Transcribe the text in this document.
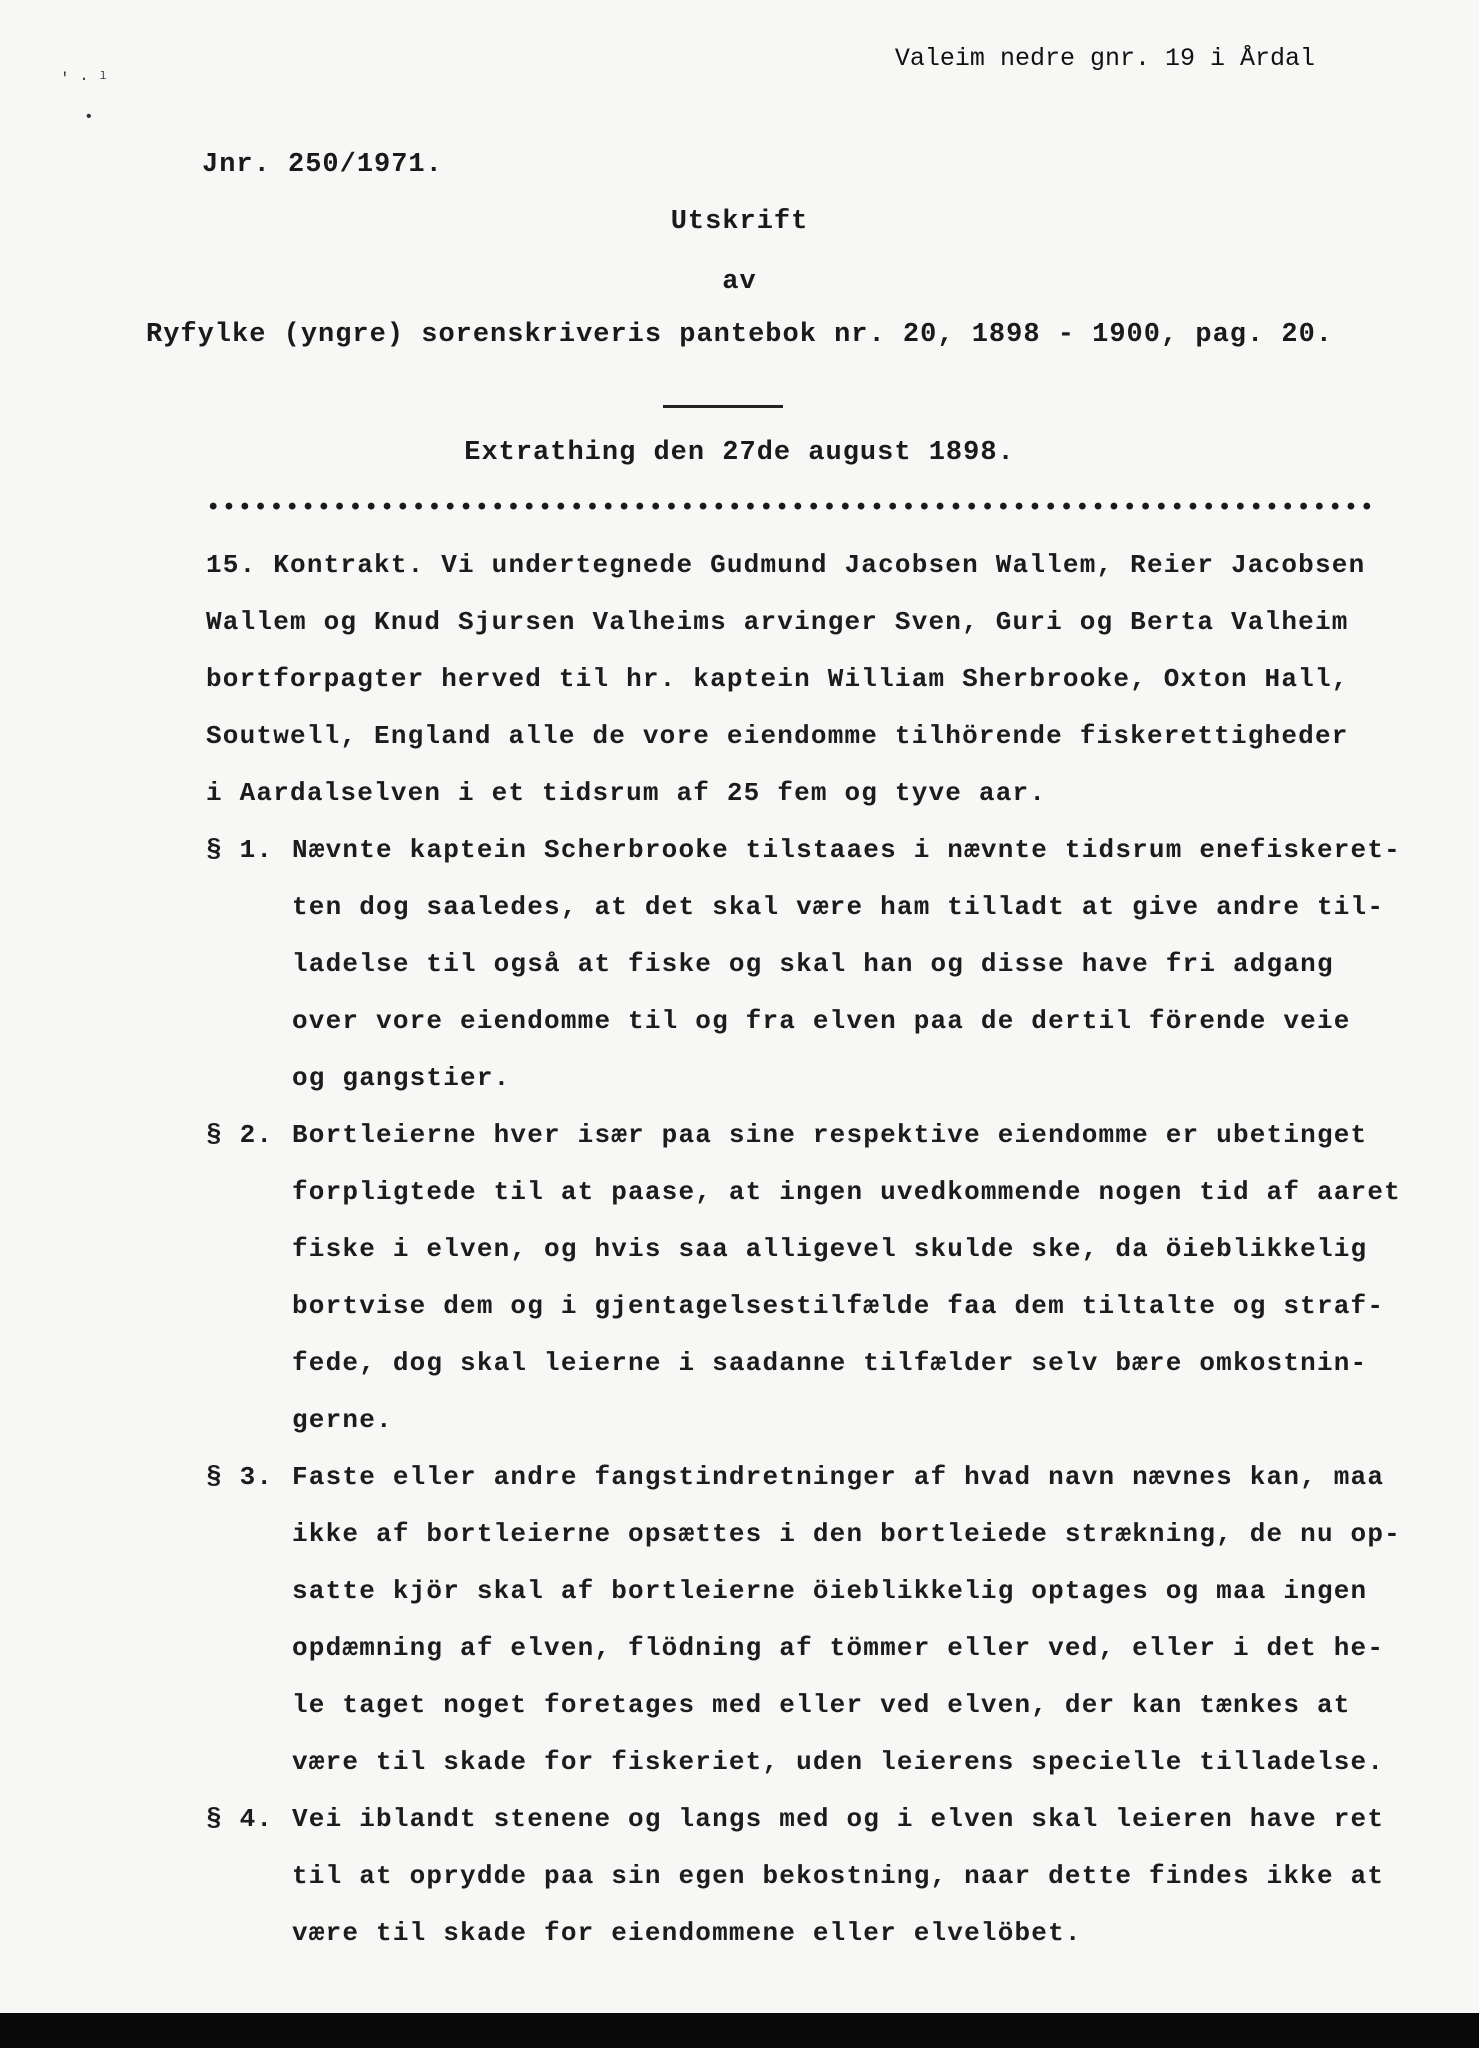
' · ˡ
•
Valeim nedre gnr. 19 i Årdal
Jnr. 250/1971.
Utskrift
av
Ryfylke (yngre) sorenskriveris pantebok nr. 20, 1898 - 1900, pag. 20.
Extrathing den 27de august 1898.
••••••••••••••••••••••••••••••••••••••••••••••••••••••••••••••••••••••••••
15. Kontrakt. Vi undertegnede Gudmund Jacobsen Wallem, Reier Jacobsen
Wallem og Knud Sjursen Valheims arvinger Sven, Guri og Berta Valheim
bortforpagter herved til hr. kaptein William Sherbrooke, Oxton Hall,
Soutwell, England alle de vore eiendomme tilhörende fiskerettigheder
i Aardalselven i et tidsrum af 25 fem og tyve aar.
§ 1. Nævnte kaptein Scherbrooke tilstaaes i nævnte tidsrum enefiskeret-
ten dog saaledes, at det skal være ham tilladt at give andre til-
ladelse til også at fiske og skal han og disse have fri adgang
over vore eiendomme til og fra elven paa de dertil förende veie
og gangstier.
§ 2. Bortleierne hver især paa sine respektive eiendomme er ubetinget
forpligtede til at paase, at ingen uvedkommende nogen tid af aaret
fiske i elven, og hvis saa alligevel skulde ske, da öieblikkelig
bortvise dem og i gjentagelsestilfælde faa dem tiltalte og straf-
fede, dog skal leierne i saadanne tilfælder selv bære omkostnin-
gerne.
§ 3. Faste eller andre fangstindretninger af hvad navn nævnes kan, maa
ikke af bortleierne opsættes i den bortleiede strækning, de nu op-
satte kjör skal af bortleierne öieblikkelig optages og maa ingen
opdæmning af elven, flödning af tömmer eller ved, eller i det he-
le taget noget foretages med eller ved elven, der kan tænkes at
være til skade for fiskeriet, uden leierens specielle tilladelse.
§ 4. Vei iblandt stenene og langs med og i elven skal leieren have ret
til at oprydde paa sin egen bekostning, naar dette findes ikke at
være til skade for eiendommene eller elvelöbet.
